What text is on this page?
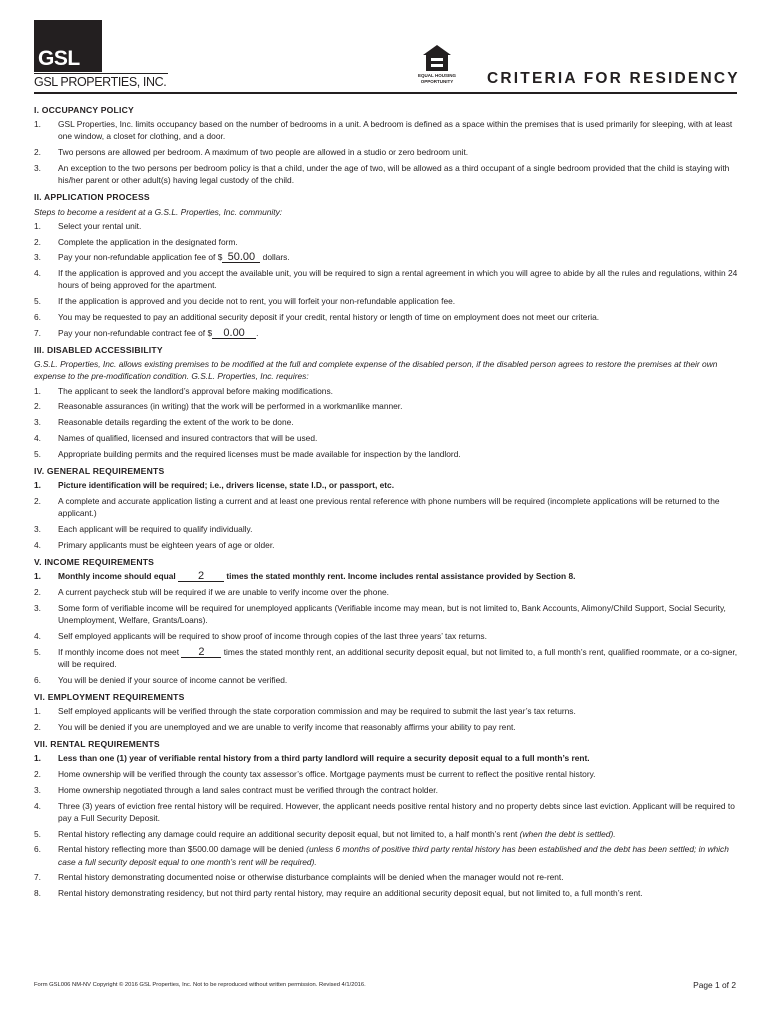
GSL
GSL PROPERTIES, INC.	EQUAL HOUSING
OPPORTUNITY	CRITERIA FOR RESIDENCY
I. OCCUPANCY POLICY
1. GSL Properties, Inc. limits occupancy based on the number of bedrooms in a unit. A bedroom is defined as a space within the premises that is used primarily for sleeping, with at least one window, a closet for clothing, and a door.
2. Two persons are allowed per bedroom. A maximum of two people are allowed in a studio or zero bedroom unit.
3. An exception to the two persons per bedroom policy is that a child, under the age of two, will be allowed as a third occupant of a single bedroom provided that the child is staying with his/her parent or other adult(s) having legal custody of the child.
II. APPLICATION PROCESS
Steps to become a resident at a G.S.L. Properties, Inc. community:
1. Select your rental unit.
2. Complete the application in the designated form.
3. Pay your non-refundable application fee of $ 50.00 dollars.
4. If the application is approved and you accept the available unit, you will be required to sign a rental agreement in which you will agree to abide by all the rules and regulations, within 24 hours of being approved for the apartment.
5. If the application is approved and you decide not to rent, you will forfeit your non-refundable application fee.
6. You may be requested to pay an additional security deposit if your credit, rental history or length of time on employment does not meet our criteria.
7. Pay your non-refundable contract fee of $ 0.00 .
III. DISABLED ACCESSIBILITY
G.S.L. Properties, Inc. allows existing premises to be modified at the full and complete expense of the disabled person, if the disabled person agrees to restore the premises at their own expense to the pre-modification condition. G.S.L. Properties, Inc. requires:
1. The applicant to seek the landlord’s approval before making modifications.
2. Reasonable assurances (in writing) that the work will be performed in a workmanlike manner.
3. Reasonable details regarding the extent of the work to be done.
4. Names of qualified, licensed and insured contractors that will be used.
5. Appropriate building permits and the required licenses must be made available for inspection by the landlord.
IV. GENERAL REQUIREMENTS
1. Picture identification will be required; i.e., drivers license, state I.D., or passport, etc.
2. A complete and accurate application listing a current and at least one previous rental reference with phone numbers will be required (incomplete applications will be returned to the applicant.)
3. Each applicant will be required to qualify individually.
4. Primary applicants must be eighteen years of age or older.
V. INCOME REQUIREMENTS
1. Monthly income should equal 2 times the stated monthly rent. Income includes rental assistance provided by Section 8.
2. A current paycheck stub will be required if we are unable to verify income over the phone.
3. Some form of verifiable income will be required for unemployed applicants (Verifiable income may mean, but is not limited to, Bank Accounts, Alimony/Child Support, Social Security, Unemployment, Welfare, Grants/Loans).
4. Self employed applicants will be required to show proof of income through copies of the last three years’ tax returns.
5. If monthly income does not meet 2 times the stated monthly rent, an additional security deposit equal, but not limited to, a full month’s rent, qualified roommate, or a co-signer, will be required.
6. You will be denied if your source of income cannot be verified.
VI. EMPLOYMENT REQUIREMENTS
1. Self employed applicants will be verified through the state corporation commission and may be required to submit the last year’s tax returns.
2. You will be denied if you are unemployed and we are unable to verify income that reasonably affirms your ability to pay rent.
VII. RENTAL REQUIREMENTS
1. Less than one (1) year of verifiable rental history from a third party landlord will require a security deposit equal to a full month’s rent.
2. Home ownership will be verified through the county tax assessor’s office. Mortgage payments must be current to reflect the positive rental history.
3. Home ownership negotiated through a land sales contract must be verified through the contract holder.
4. Three (3) years of eviction free rental history will be required. However, the applicant needs positive rental history and no property debts since last eviction. Applicant will be required to pay a Full Security Deposit.
5. Rental history reflecting any damage could require an additional security deposit equal, but not limited to, a half month’s rent (when the debt is settled).
6. Rental history reflecting more than $500.00 damage will be denied (unless 6 months of positive third party rental history has been established and the debt has been settled; in which case a full security deposit equal to one month’s rent will be required).
7. Rental history demonstrating documented noise or otherwise disturbance complaints will be denied when the manager would not re-rent.
8. Rental history demonstrating residency, but not third party rental history, may require an additional security deposit equal, but not limited to, a full month’s rent.
Form GSL006 NM-NV Copyright © 2016 GSL Properties, Inc. Not to be reproduced without written permission. Revised 4/1/2016.	Page 1 of 2
